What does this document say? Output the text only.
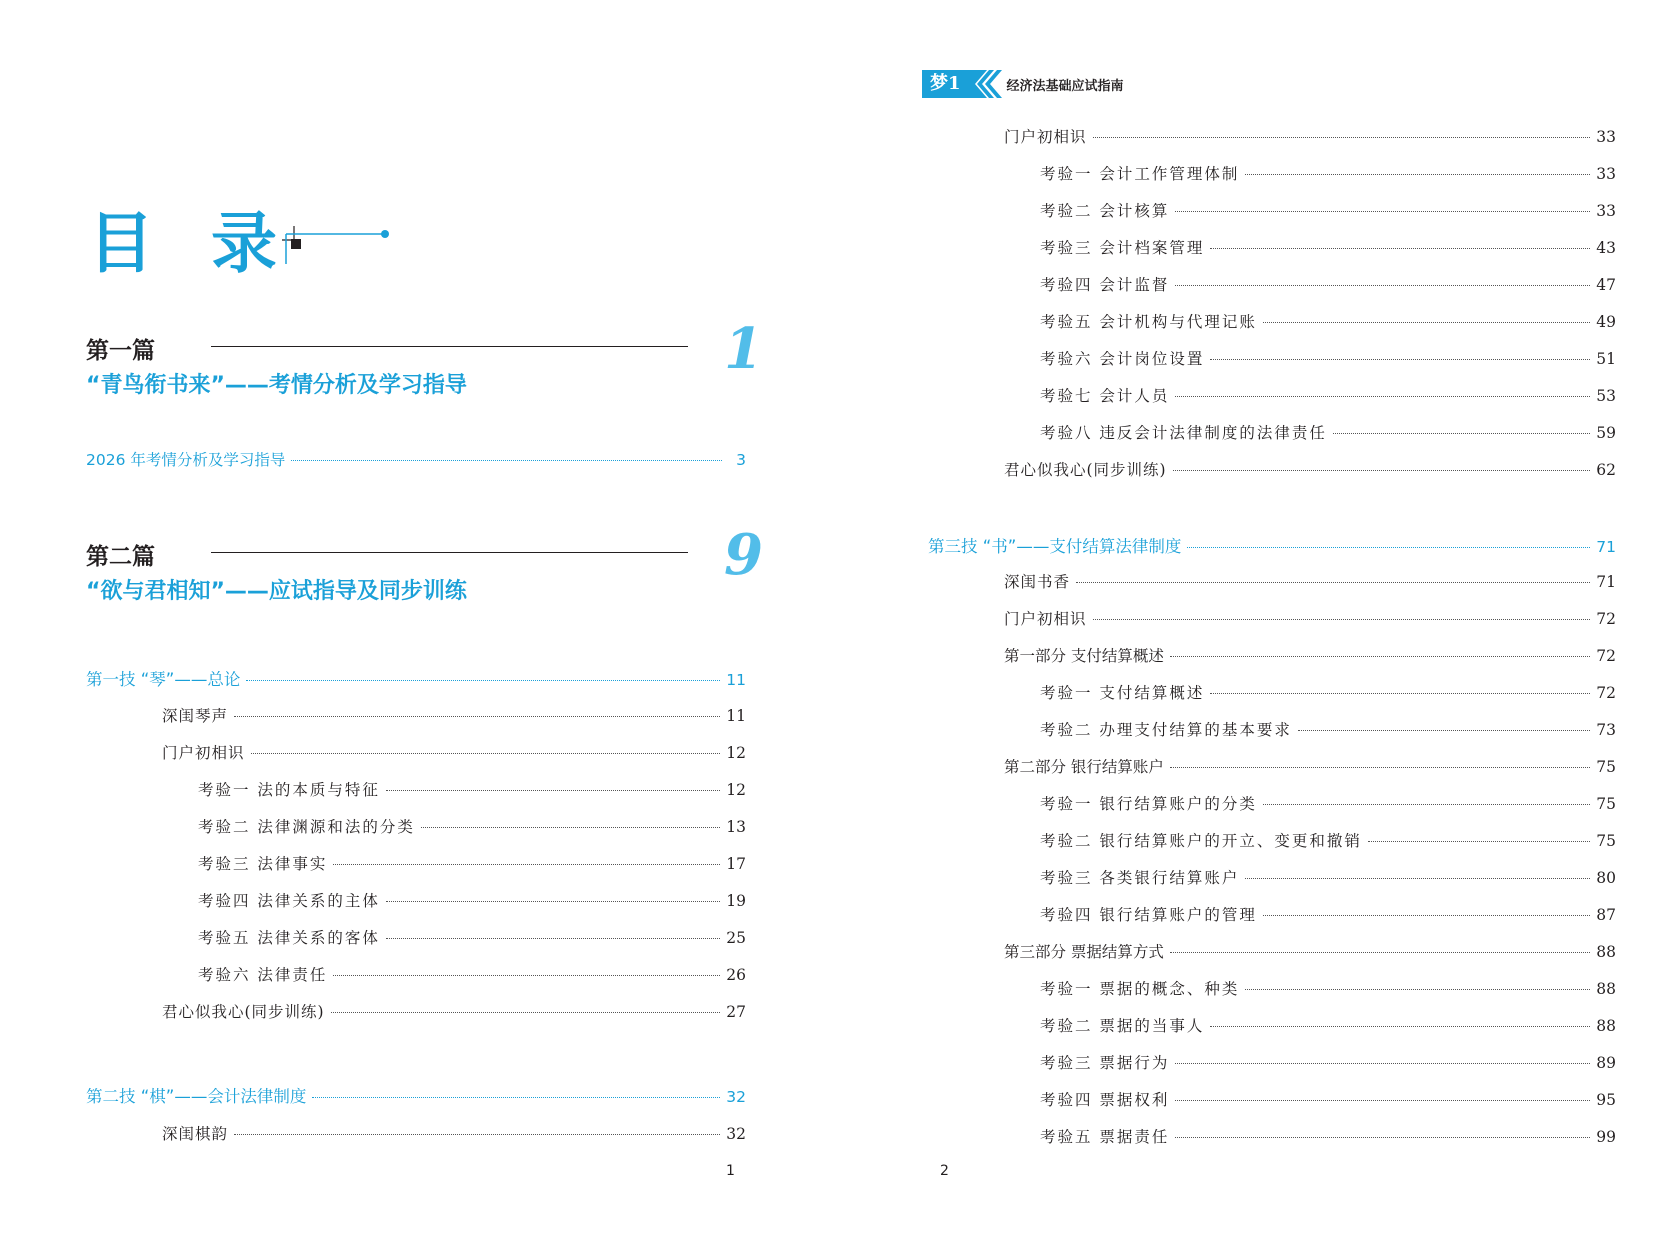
目 录
第一篇
“青鸟衔书来”——考情分析及学习指导
1
2026 年考情分析及学习指导	3
第二篇
“欲与君相知”——应试指导及同步训练
9
第一技 “琴”——总论	11
深闺琴声	11
门户初相识	12
考验一 法的本质与特征	12
考验二 法律渊源和法的分类	13
考验三 法律事实	17
考验四 法律关系的主体	19
考验五 法律关系的客体	25
考验六 法律责任	26
君心似我心(同步训练)	27
第二技 “棋”——会计法律制度	32
深闺棋韵	32
1
梦1	经济法基础应试指南
门户初相识	33
考验一 会计工作管理体制	33
考验二 会计核算	33
考验三 会计档案管理	43
考验四 会计监督	47
考验五 会计机构与代理记账	49
考验六 会计岗位设置	51
考验七 会计人员	53
考验八 违反会计法律制度的法律责任	59
君心似我心(同步训练)	62
第三技 “书”——支付结算法律制度	71
深闺书香	71
门户初相识	72
第一部分 支付结算概述	72
考验一 支付结算概述	72
考验二 办理支付结算的基本要求	73
第二部分 银行结算账户	75
考验一 银行结算账户的分类	75
考验二 银行结算账户的开立、变更和撤销	75
考验三 各类银行结算账户	80
考验四 银行结算账户的管理	87
第三部分 票据结算方式	88
考验一 票据的概念、种类	88
考验二 票据的当事人	88
考验三 票据行为	89
考验四 票据权利	95
考验五 票据责任	99
2
